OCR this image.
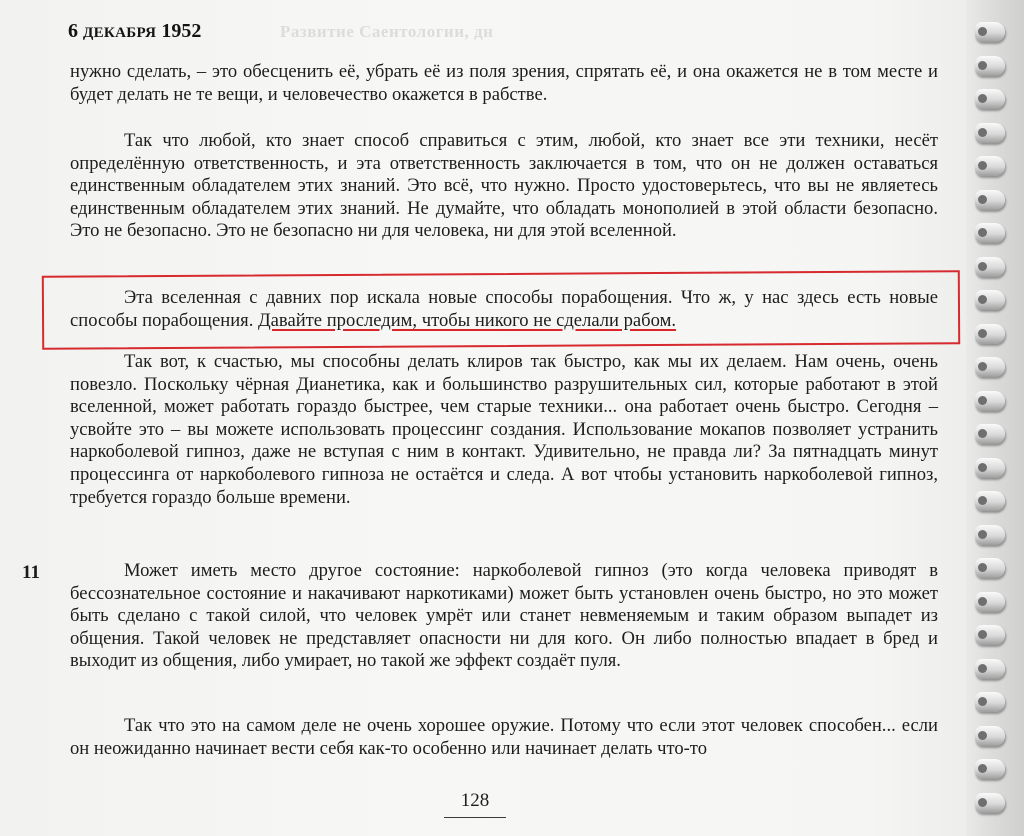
Развитие Саентологии, дн
6 ДЕКАБРЯ 1952

нужно сделать, – это обесценить её, убрать её из поля зрения, спрятать её, и она окажется не в том месте и будет делать не те вещи, и человечество окажется в рабстве.

Так что любой, кто знает способ справиться с этим, любой, кто знает все эти техники, несёт определённую ответственность, и эта ответственность заключается в том, что он не должен оставаться единственным обладателем этих знаний. Это всё, что нужно. Просто удостоверьтесь, что вы не являетесь единственным обладателем этих знаний. Не думайте, что обладать монополией в этой области безопасно. Это не безопасно. Это не безопасно ни для человека, ни для этой вселенной.

Эта вселенная с давних пор искала новые способы порабощения. Что ж, у нас здесь есть новые способы порабощения. Давайте проследим, чтобы никого не сделали рабом.

Так вот, к счастью, мы способны делать клиров так быстро, как мы их делаем. Нам очень, очень повезло. Поскольку чёрная Дианетика, как и большинство разрушительных сил, которые работают в этой вселенной, может работать гораздо быстрее, чем старые техники... она работает очень быстро. Сегодня – усвойте это – вы можете использовать процессинг создания. Использование мокапов позволяет устранить наркоболевой гипноз, даже не вступая с ним в контакт. Удивительно, не правда ли? За пятнадцать минут процессинга от наркоболевого гипноза не остаётся и следа. А вот чтобы установить наркоболевой гипноз, требуется гораздо больше времени.

11	Может иметь место другое состояние: наркоболевой гипноз (это когда человека приводят в бессознательное состояние и накачивают наркотиками) может быть установлен очень быстро, но это может быть сделано с такой силой, что человек умрёт или станет невменяемым и таким образом выпадет из общения. Такой человек не представляет опасности ни для кого. Он либо полностью впадает в бред и выходит из общения, либо умирает, но такой же эффект создаёт пуля.

Так что это на самом деле не очень хорошее оружие. Потому что если этот человек способен... если он неожиданно начинает вести себя как-то особенно или начинает делать что-то

128
